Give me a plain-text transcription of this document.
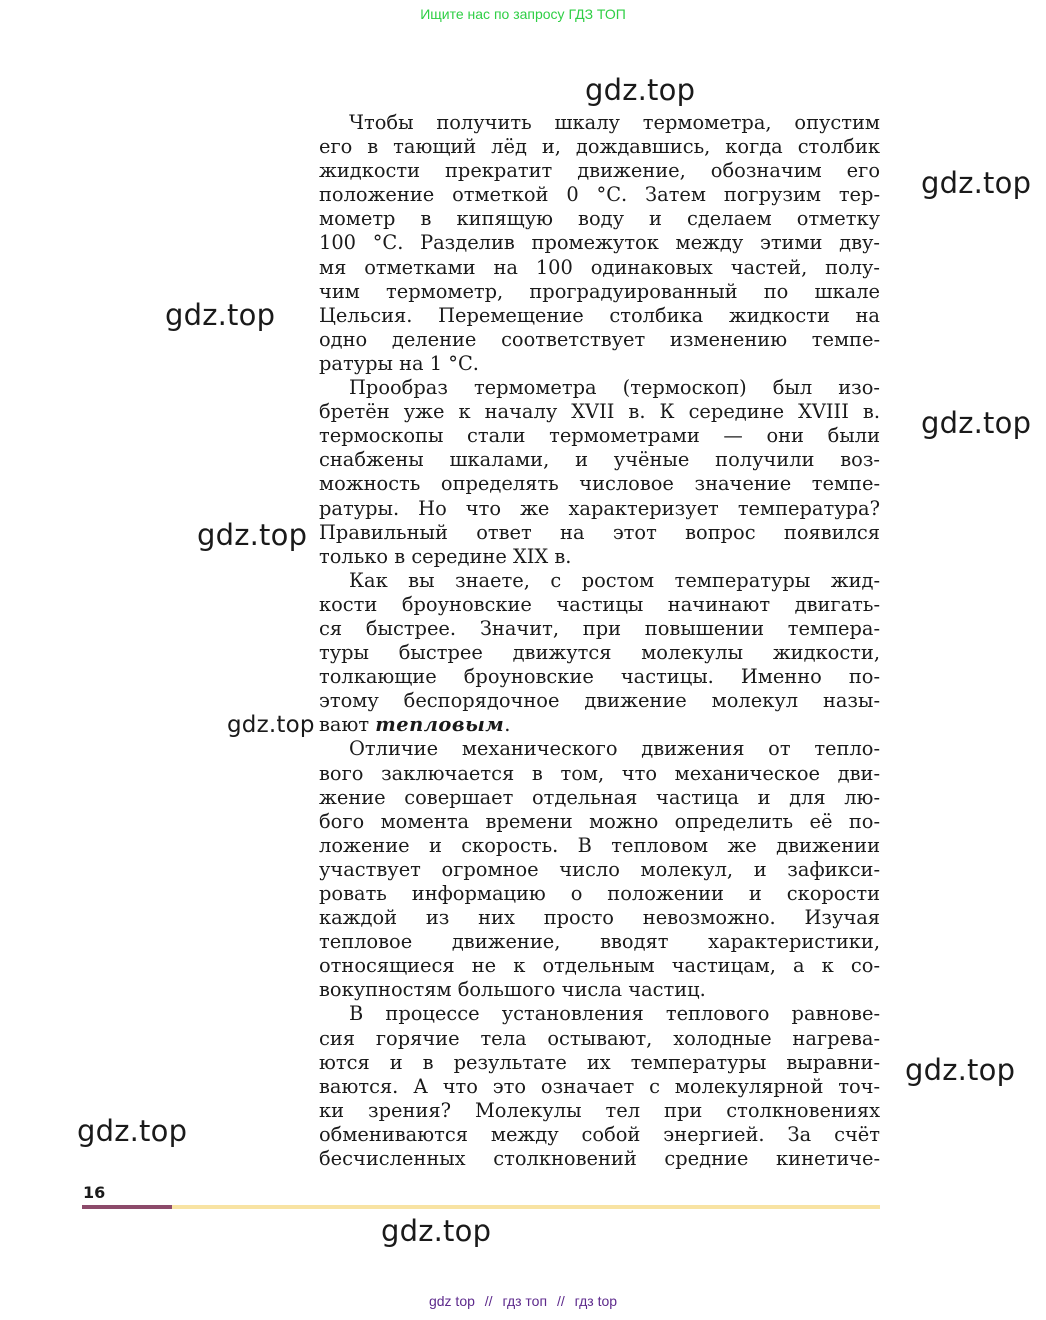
Ищите нас по запросу ГДЗ ТОП
gdz.top
gdz.top
gdz.top
gdz.top
gdz.top
gdz.top
gdz.top
gdz.top
gdz.top
Чтобы получить шкалу термометра, опустим
его в тающий лёд и, дождавшись, когда столбик
жидкости прекратит движение, обозначим его
положение отметкой 0 °С. Затем погрузим тер-
мометр в кипящую воду и сделаем отметку
100 °С. Разделив промежуток между этими дву-
мя отметками на 100 одинаковых частей, полу-
чим термометр, проградуированный по шкале
Цельсия. Перемещение столбика жидкости на
одно деление соответствует изменению темпе-
ратуры на 1 °С.
Прообраз термометра (термоскоп) был изо-
бретён уже к началу XVII в. К середине XVIII в.
термоскопы стали термометрами — они были
снабжены шкалами, и учёные получили воз-
можность определять числовое значение темпе-
ратуры. Но что же характеризует температура?
Правильный ответ на этот вопрос появился
только в середине XIX в.
Как вы знаете, с ростом температуры жид-
кости броуновские частицы начинают двигать-
ся быстрее. Значит, при повышении темпера-
туры быстрее движутся молекулы жидкости,
толкающие броуновские частицы. Именно по-
этому беспорядочное движение молекул назы-
вают тепловым.
Отличие механического движения от тепло-
вого заключается в том, что механическое дви-
жение совершает отдельная частица и для лю-
бого момента времени можно определить её по-
ложение и скорость. В тепловом же движении
участвует огромное число молекул, и зафикси-
ровать информацию о положении и скорости
каждой из них просто невозможно. Изучая
тепловое движение, вводят характеристики,
относящиеся не к отдельным частицам, а к со-
вокупностям большого числа частиц.
В процессе установления теплового равнове-
сия горячие тела остывают, холодные нагрева-
ются и в результате их температуры выравни-
ваются. А что это означает с молекулярной точ-
ки зрения? Молекулы тел при столкновениях
обмениваются между собой энергией. За счёт
бесчисленных столкновений средние кинетиче-
16
gdz top // гдз топ // гдз top
